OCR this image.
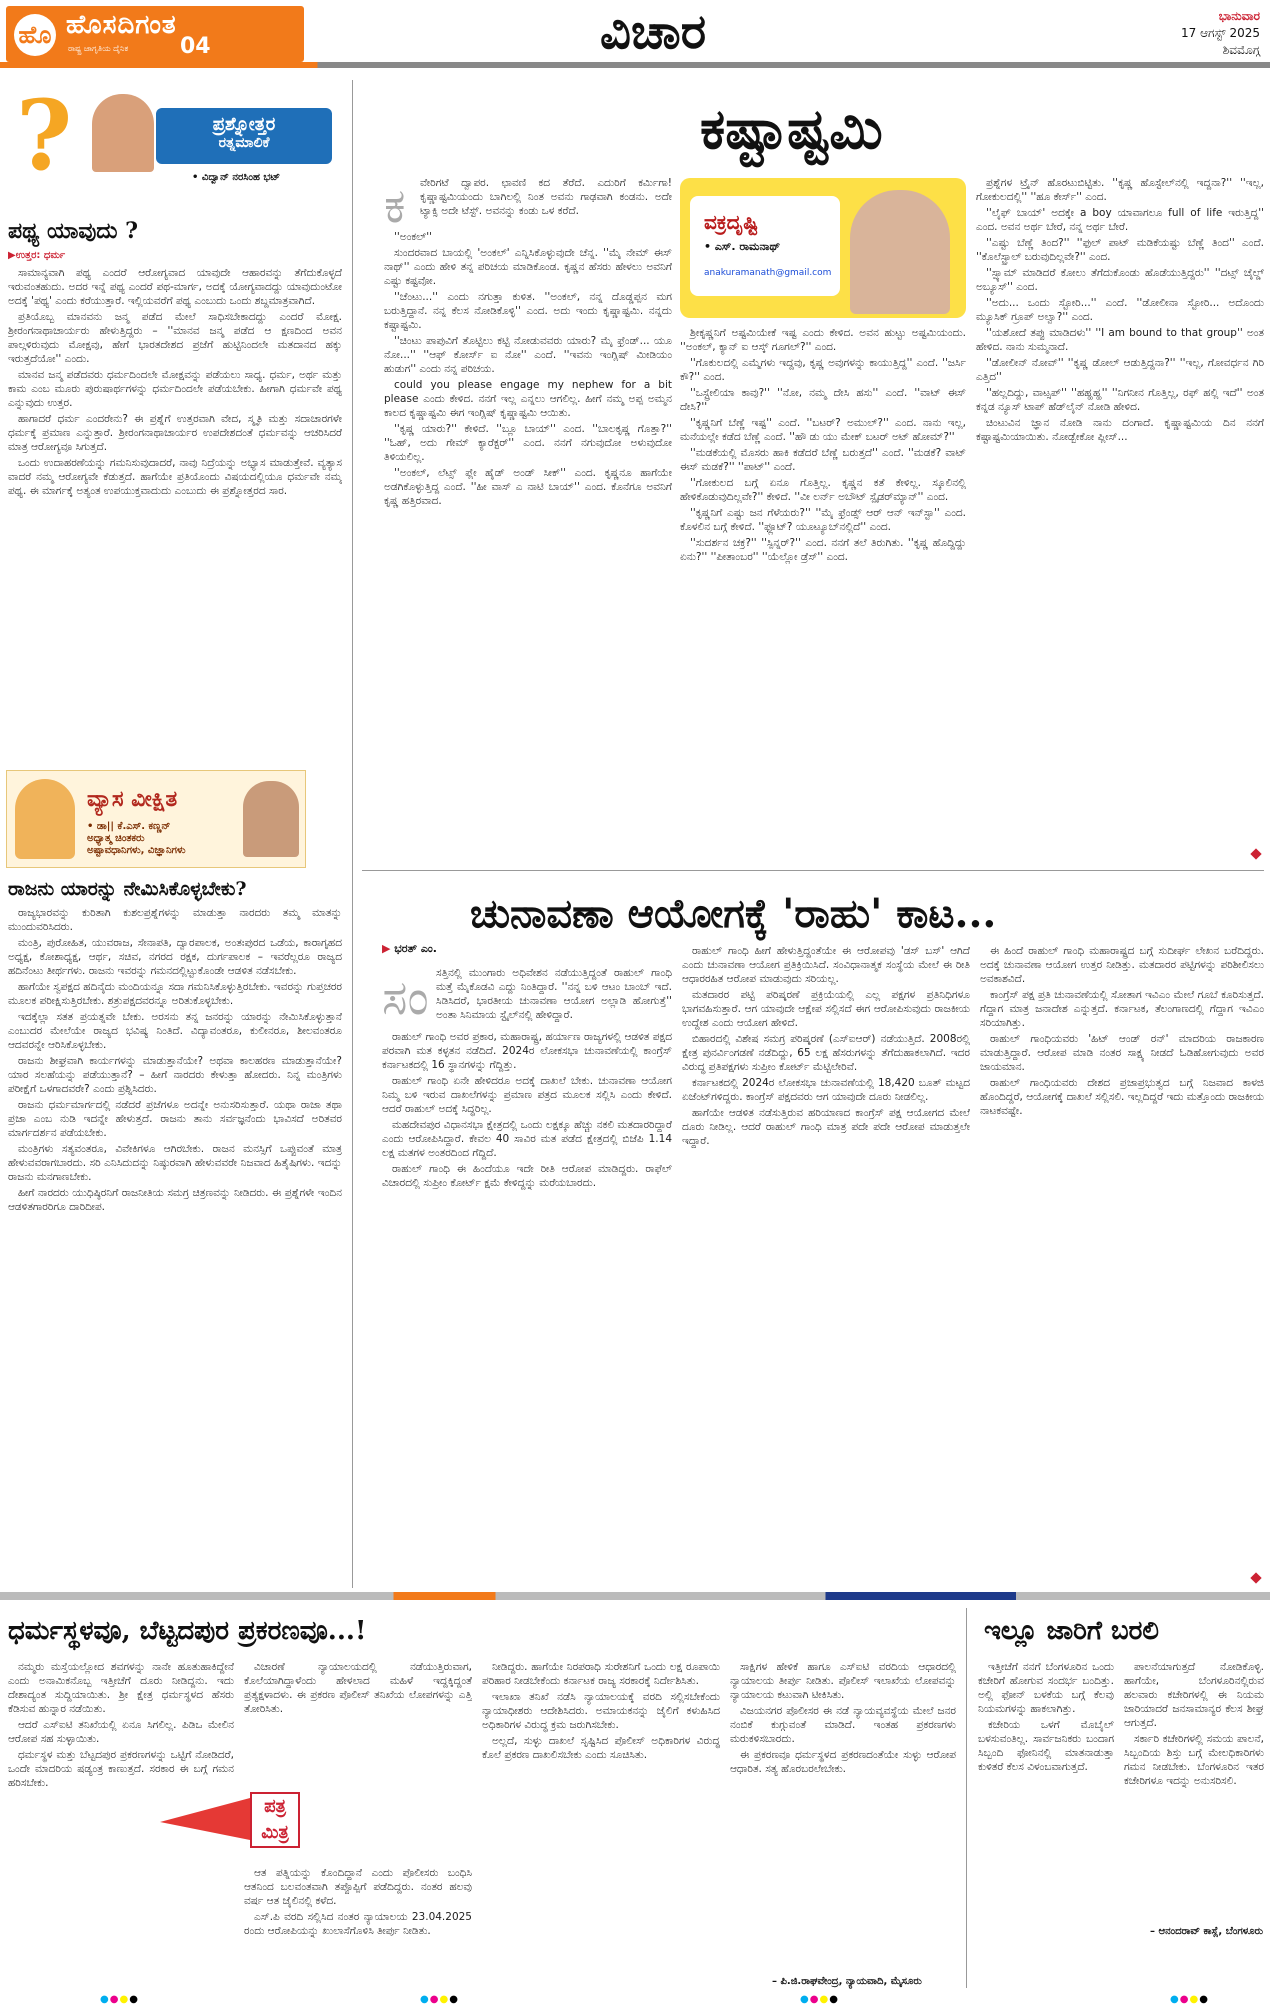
ಹೊ ಹೊಸದಿಗಂತ
ರಾಷ್ಟ್ರ ಜಾಗೃತಿಯ ದೈನಿಕ 04	ವಿಚಾರ	ಭಾನುವಾರ
17 ಆಗಸ್ಟ್ 2025
ಶಿವಮೊಗ್ಗ
?	ಪ್ರಶ್ನೋತ್ತರ
ರತ್ನಮಾಲಿಕೆ
• ವಿದ್ವಾನ್ ನರಸಿಂಹ ಭಟ್
ಪಥ್ಯ ಯಾವುದು ?
▶ಉತ್ತರ: ಧರ್ಮ

ಸಾಮಾನ್ಯವಾಗಿ ಪಥ್ಯ ಎಂದರೆ ಆರೋಗ್ಯವಾದ ಯಾವುದೇ ಆಹಾರವನ್ನು ತೆಗೆದುಕೊಳ್ಳದೆ ಇರುವಂತಹುದು. ಅದರ ಇನ್ನೆ ಪಥ್ಯ ಎಂದರೆ ಪಥ-ಮಾರ್ಗ, ಅದಕ್ಕೆ ಯೋಗ್ಯವಾದದ್ದು ಯಾವುದುಂಟೋ ಅದಕ್ಕೆ 'ಪಥ್ಯ' ಎಂದು ಕರೆಯುತ್ತಾರೆ. ಇಲ್ಲಿಯವರೆಗೆ ಪಥ್ಯ ಎಂಬುದು ಒಂದು ಶಬ್ದಮಾತ್ರವಾಗಿದೆ.

ಪ್ರತಿಯೊಬ್ಬ ಮಾನವನು ಜನ್ಮ ಪಡೆದ ಮೇಲೆ ಸಾಧಿಸಬೇಕಾದದ್ದು ಎಂದರೆ ಮೋಕ್ಷ. ಶ್ರೀರಂಗನಾಥಾಚಾರ್ಯರು ಹೇಳುತ್ತಿದ್ದರು – ''ಮಾನವ ಜನ್ಮ ಪಡೆದ ಆ ಕ್ಷಣದಿಂದ ಅವನ ಪಾಲ್ಗಳಿರುವುದು ಮೋಕ್ಷವು, ಹೇಗೆ ಭಾರತದೇಶದ ಪ್ರಜೆಗೆ ಹುಟ್ಟಿನಿಂದಲೇ ಮತದಾನದ ಹಕ್ಕು ಇರುತ್ತದೆಯೋ'' ಎಂದು.

ಮಾನವ ಜನ್ಮ ಪಡೆದವರು ಧರ್ಮದಿಂದಲೇ ಮೋಕ್ಷವನ್ನು ಪಡೆಯಲು ಸಾಧ್ಯ. ಧರ್ಮ, ಅರ್ಥ ಮತ್ತು ಕಾಮ ಎಂಬ ಮೂರು ಪುರುಷಾರ್ಥಗಳನ್ನು ಧರ್ಮದಿಂದಲೇ ಪಡೆಯಬೇಕು. ಹೀಗಾಗಿ ಧರ್ಮವೇ ಪಥ್ಯ ಎನ್ನುವುದು ಉತ್ತರ.

ಹಾಗಾದರೆ ಧರ್ಮ ಎಂದರೇನು? ಈ ಪ್ರಶ್ನೆಗೆ ಉತ್ತರವಾಗಿ ವೇದ, ಸ್ಮೃತಿ ಮತ್ತು ಸದಾಚಾರಗಳೇ ಧರ್ಮಕ್ಕೆ ಪ್ರಮಾಣ ಎನ್ನುತ್ತಾರೆ. ಶ್ರೀರಂಗನಾಥಾಚಾರ್ಯರ ಉಪದೇಶದಂತೆ ಧರ್ಮವನ್ನು ಆಚರಿಸಿದರೆ ಮಾತ್ರ ಆರೋಗ್ಯವೂ ಸಿಗುತ್ತದೆ.

ಒಂದು ಉದಾಹರಣೆಯನ್ನು ಗಮನಿಸುವುದಾದರೆ, ನಾವು ನಿದ್ರೆಯನ್ನು ಅಭ್ಯಾಸ ಮಾಡುತ್ತೇವೆ. ವ್ಯತ್ಯಾಸ ವಾದರೆ ನಮ್ಮ ಆರೋಗ್ಯವೇ ಕೆಡುತ್ತದೆ. ಹಾಗೆಯೇ ಪ್ರತಿಯೊಂದು ವಿಷಯದಲ್ಲಿಯೂ ಧರ್ಮವೇ ನಮ್ಮ ಪಥ್ಯ. ಈ ಮಾರ್ಗಕ್ಕೆ ಅತ್ಯಂತ ಉಪಯುಕ್ತವಾದುದು ಎಂಬುದು ಈ ಪ್ರಶ್ನೋತ್ತರದ ಸಾರ.

ವ್ಯಾಸ ವೀಕ್ಷಿತ
• ಡಾ|| ಕೆ.ಎಸ್. ಕಣ್ಣನ್
ಅಧ್ಯಾತ್ಮ ಚಿಂತಕರು
ಅಷ್ಟಾವಧಾನಿಗಳು, ವಿಜ್ಞಾನಿಗಳು
ರಾಜನು ಯಾರನ್ನು ನೇಮಿಸಿಕೊಳ್ಳಬೇಕು?

ರಾಜ್ಯಭಾರವನ್ನು ಕುರಿತಾಗಿ ಕುಶಲಪ್ರಶ್ನೆಗಳನ್ನು ಮಾಡುತ್ತಾ ನಾರದರು ತಮ್ಮ ಮಾತನ್ನು ಮುಂದುವರಿಸಿದರು.

ಮಂತ್ರಿ, ಪುರೋಹಿತ, ಯುವರಾಜ, ಸೇನಾಪತಿ, ದ್ವಾರಪಾಲಕ, ಅಂತಃಪುರದ ಒಡೆಯ, ಕಾರಾಗೃಹದ ಅಧ್ಯಕ್ಷ, ಕೋಶಾಧ್ಯಕ್ಷ, ಆರ್ಥ, ಸಚಿವ, ನಗರದ ರಕ್ಷಕ, ದುರ್ಗಪಾಲಕ – ಇವರೆಲ್ಲರೂ ರಾಜ್ಯದ ಹದಿನೆಂಟು ತೀರ್ಥಗಳು. ರಾಜನು ಇವರನ್ನು ಗಮನದಲ್ಲಿಟ್ಟುಕೊಂಡೇ ಆಡಳಿತ ನಡೆಸಬೇಕು.

ಹಾಗೆಯೇ ಸ್ವಪಕ್ಷದ ಹದಿನೈದು ಮಂದಿಯನ್ನೂ ಸದಾ ಗಮನಿಸಿಕೊಳ್ಳುತ್ತಿರಬೇಕು. ಇವರನ್ನು ಗುಪ್ತಚರರ ಮೂಲಕ ಪರೀಕ್ಷಿಸುತ್ತಿರಬೇಕು. ಶತ್ರುಪಕ್ಷದವರನ್ನೂ ಅರಿತುಕೊಳ್ಳಬೇಕು.

ಇದಕ್ಕೆಲ್ಲಾ ಸತತ ಪ್ರಯತ್ನವೇ ಬೇಕು. ಅರಸನು ತನ್ನ ಜನರನ್ನು ಯಾರನ್ನು ನೇಮಿಸಿಕೊಳ್ಳುತ್ತಾನೆ ಎಂಬುದರ ಮೇಲೆಯೇ ರಾಜ್ಯದ ಭವಿಷ್ಯ ನಿಂತಿದೆ. ವಿದ್ಯಾವಂತರೂ, ಕುಲೀನರೂ, ಶೀಲವಂತರೂ ಆದವರನ್ನೇ ಆರಿಸಿಕೊಳ್ಳಬೇಕು.

ರಾಜನು ಶೀಘ್ರವಾಗಿ ಕಾರ್ಯಗಳನ್ನು ಮಾಡುತ್ತಾನೆಯೇ? ಅಥವಾ ಕಾಲಹರಣ ಮಾಡುತ್ತಾನೆಯೇ? ಯಾರ ಸಲಹೆಯನ್ನು ಪಡೆಯುತ್ತಾನೆ? – ಹೀಗೆ ನಾರದರು ಕೇಳುತ್ತಾ ಹೋದರು. ನಿನ್ನ ಮಂತ್ರಿಗಳು ಪರೀಕ್ಷೆಗೆ ಒಳಗಾದವರೇ? ಎಂದು ಪ್ರಶ್ನಿಸಿದರು.

ರಾಜನು ಧರ್ಮಮಾರ್ಗದಲ್ಲಿ ನಡೆದರೆ ಪ್ರಜೆಗಳೂ ಅದನ್ನೇ ಅನುಸರಿಸುತ್ತಾರೆ. ಯಥಾ ರಾಜಾ ತಥಾ ಪ್ರಜಾ ಎಂಬ ನುಡಿ ಇದನ್ನೇ ಹೇಳುತ್ತದೆ. ರಾಜನು ತಾನು ಸರ್ವಜ್ಞನೆಂದು ಭಾವಿಸದೆ ಅರಿತವರ ಮಾರ್ಗದರ್ಶನ ಪಡೆಯಬೇಕು.

ಮಂತ್ರಿಗಳು ಸತ್ಯವಂತರೂ, ವಿವೇಕಿಗಳೂ ಆಗಿರಬೇಕು. ರಾಜನ ಮನಸ್ಸಿಗೆ ಒಪ್ಪುವಂತೆ ಮಾತ್ರ ಹೇಳುವವರಾಗಬಾರದು. ಸರಿ ಎನಿಸಿದುದನ್ನು ನಿಷ್ಠುರವಾಗಿ ಹೇಳುವವರೇ ನಿಜವಾದ ಹಿತೈಷಿಗಳು. ಇದನ್ನು ರಾಜನು ಮನಗಾಣಬೇಕು.

ಹೀಗೆ ನಾರದರು ಯುಧಿಷ್ಠಿರನಿಗೆ ರಾಜನೀತಿಯ ಸಮಗ್ರ ಚಿತ್ರಣವನ್ನು ನೀಡಿದರು. ಈ ಪ್ರಶ್ನೆಗಳೇ ಇಂದಿನ ಆಡಳಿತಗಾರರಿಗೂ ದಾರಿದೀಪ.

ಕಷ್ಟಾಷ್ಟಮಿ
ಕ ವೇರಿಗಟೆ ದ್ವಾಪರ. ಛಾವಣಿ ಕದ ತೆರೆದೆ. ಎದುರಿಗೆ ಕರ್ಮಿಗಾ! ಕೃಷ್ಣಾಷ್ಟಮಿಯಂದು ಬಾಗಿಲಲ್ಲಿ ನಿಂತ ಅವನು ಗಾಢವಾಗಿ ಕಂಡನು. ಅದೇ ಟ್ಯಾಕ್ಸಿ ಅದೇ ಟೆಸ್ಟ್. ಅವನನ್ನು ಕಂಡು ಒಳ ಕರೆದೆ.

''ಅಂಕಲ್''

ಸುಂದರವಾದ ಬಾಯಲ್ಲಿ 'ಅಂಕಲ್' ಎನ್ನಿಸಿಕೊಳ್ಳುವುದೇ ಚೆನ್ನ. ''ಮೈ ನೇಮ್ ಈಸ್ ನಾಥ್'' ಎಂದು ಹೇಳಿ ತನ್ನ ಪರಿಚಯ ಮಾಡಿಕೊಂಡ. ಕೃಷ್ಣನ ಹೆಸರು ಹೇಳಲು ಅವನಿಗೆ ಎಷ್ಟು ಕಷ್ಟವೋ.

''ಚೆಂಟು...'' ಎಂದು ನಗುತ್ತಾ ಕುಳಿತ. ''ಅಂಕಲ್, ನನ್ನ ದೊಡ್ಡಪ್ಪನ ಮಗ ಬರುತ್ತಿದ್ದಾನೆ. ನನ್ನ ಕೆಲಸ ನೋಡಿಕೊಳ್ಳಿ'' ಎಂದ. ಅದು ಇಂದು ಕೃಷ್ಣಾಷ್ಟಮಿ. ನನ್ನದು ಕಷ್ಟಾಷ್ಟಮಿ.

''ಚಿಂಟು ಪಾಪುವಿಗೆ ತೊಟ್ಟಿಲು ಕಟ್ಟಿ ನೋಡುವವರು ಯಾರು? ಮೈ ಫ್ರೆಂಡ್... ಯೂ ನೋ...'' ''ಆಫ್ ಕೋರ್ಸ್ ಐ ನೋ'' ಎಂದೆ. ''ಇವನು ಇಂಗ್ಲಿಷ್ ಮೀಡಿಯಂ ಹುಡುಗ'' ಎಂದು ನನ್ನ ಪರಿಚಯ.

could you please engage my nephew for a bit please ಎಂದು ಕೇಳಿದ. ನನಗೆ ಇಲ್ಲ ಎನ್ನಲು ಆಗಲಿಲ್ಲ. ಹೀಗೆ ನಮ್ಮ ಅಪ್ಪ ಅಮ್ಮನ ಕಾಲದ ಕೃಷ್ಣಾಷ್ಟಮಿ ಈಗ ಇಂಗ್ಲಿಷ್ ಕೃಷ್ಣಾಷ್ಟಮಿ ಆಯಿತು.

''ಕೃಷ್ಣ ಯಾರು?'' ಕೇಳಿದೆ. ''ಬ್ಲೂ ಬಾಯ್'' ಎಂದ. ''ಬಾಲಕೃಷ್ಣ ಗೊತ್ತಾ?'' ''ಓಹ್, ಅದು ಗೇಮ್ ಕ್ಯಾರೆಕ್ಟರ್'' ಎಂದ. ನನಗೆ ನಗುವುದೋ ಅಳುವುದೋ ತಿಳಿಯಲಿಲ್ಲ.

''ಅಂಕಲ್, ಲೆಟ್ಸ್ ಪ್ಲೇ ಹೈಡ್ ಅಂಡ್ ಸೀಕ್'' ಎಂದ. ಕೃಷ್ಣನೂ ಹಾಗೆಯೇ ಅಡಗಿಕೊಳ್ಳುತ್ತಿದ್ದ ಎಂದೆ. ''ಹೀ ವಾಸ್ ಎ ನಾಟಿ ಬಾಯ್'' ಎಂದ. ಕೊನೆಗೂ ಅವನಿಗೆ ಕೃಷ್ಣ ಹತ್ತಿರವಾದ.

ವಕ್ರದೃಷ್ಟಿ
• ಎಸ್. ರಾಮನಾಥ್
anakuramanath@gmail.com

ಶ್ರೀಕೃಷ್ಣನಿಗೆ ಅಷ್ಟಮಿಯೇಕೆ ಇಷ್ಟ ಎಂದು ಕೇಳಿದ. ಅವನ ಹುಟ್ಟು ಅಷ್ಟಮಿಯಂದು. ''ಅಂಕಲ್, ಕ್ಯಾನ್ ಐ ಆಸ್ಕ್ ಗೂಗಲ್?'' ಎಂದ.

''ಗೊಕುಲದಲ್ಲಿ ಎಮ್ಮೆಗಳು ಇದ್ದವು, ಕೃಷ್ಣ ಅವುಗಳನ್ನು ಕಾಯುತ್ತಿದ್ದ'' ಎಂದೆ. ''ಜರ್ಸಿ ಕೌ?'' ಎಂದ.

''ಒಸ್ಟ್ರೇಲಿಯಾ ಕಾವು?'' ''ನೋ, ನಮ್ಮ ದೇಸಿ ಹಸು'' ಎಂದೆ. ''ವಾಟ್ ಈಸ್ ದೇಸಿ?''

''ಕೃಷ್ಣನಿಗೆ ಬೆಣ್ಣೆ ಇಷ್ಟ'' ಎಂದೆ. ''ಬಟರ್? ಅಮುಲ್?'' ಎಂದ. ನಾನು ಇಲ್ಲ, ಮನೆಯಲ್ಲೇ ಕಡೆದ ಬೆಣ್ಣೆ ಎಂದೆ. ''ಹೌ ಡು ಯು ಮೇಕ್ ಬಟರ್ ಅಟ್ ಹೋಮ್?''

''ಮಡಕೆಯಲ್ಲಿ ಮೊಸರು ಹಾಕಿ ಕಡೆದರೆ ಬೆಣ್ಣೆ ಬರುತ್ತದೆ'' ಎಂದೆ. ''ಮಡಕೆ? ವಾಟ್ ಈಸ್ ಮಡಕೆ?'' ''ಪಾಟ್'' ಎಂದೆ.

''ಗೋಕುಲದ ಬಗ್ಗೆ ಏನೂ ಗೊತ್ತಿಲ್ಲ. ಕೃಷ್ಣನ ಕತೆ ಕೇಳಿಲ್ಲ. ಸ್ಕೂಲಿನಲ್ಲಿ ಹೇಳಿಕೊಡುವುದಿಲ್ಲವೇ?'' ಕೇಳಿದೆ. ''ವೀ ಲರ್ನ್ ಅಬೌಟ್ ಸ್ಪೈಡರ್‌ಮ್ಯಾನ್'' ಎಂದ.

''ಕೃಷ್ಣನಿಗೆ ಎಷ್ಟು ಜನ ಗೆಳೆಯರು?'' ''ಮೈ ಫ್ರೆಂಡ್ಸ್ ಆರ್ ಆನ್ ಇನ್‌ಸ್ಟಾ'' ಎಂದ. ಕೊಳಲಿನ ಬಗ್ಗೆ ಕೇಳಿದೆ. ''ಫ್ಲೂಟ್? ಯೂಟ್ಯೂಬ್‌ನಲ್ಲಿದೆ'' ಎಂದ.

''ಸುದರ್ಶನ ಚಕ್ರ?'' ''ಸ್ಪಿನ್ನರ್?'' ಎಂದ. ನನಗೆ ತಲೆ ತಿರುಗಿತು. ''ಕೃಷ್ಣ ಹೊದ್ದಿದ್ದು ಏನು?'' ''ಪೀತಾಂಬರ'' ''ಯೆಲ್ಲೋ ಡ್ರೆಸ್'' ಎಂದ.

ಪ್ರಶ್ನೆಗಳ ಟ್ರೈನ್ ಹೊರಟುಬಿಟ್ಟಿತು. ''ಕೃಷ್ಣ ಹೊಸ್ಟೇಲ್‌ನಲ್ಲಿ ಇದ್ದನಾ?'' ''ಇಲ್ಲ, ಗೋಕುಲದಲ್ಲಿ'' ''ಹೂ ಕೇರ್ಸ್'' ಎಂದ.

''ಲೈಫ್ ಬಾಯ್' ಅದಕ್ಕೇ a boy ಯಾವಾಗಲೂ full of life ಇರುತ್ತಿದ್ದ'' ಎಂದ. ಅವನ ಅರ್ಥ ಬೇರೆ, ನನ್ನ ಅರ್ಥ ಬೇರೆ.

''ಎಷ್ಟು ಬೆಣ್ಣೆ ತಿಂದ?'' ''ಫುಲ್ ಪಾಟ್ ಮಡಿಕೆಯಷ್ಟು ಬೆಣ್ಣೆ ತಿಂದ'' ಎಂದೆ. ''ಕೊಲೆಸ್ಟ್ರಾಲ್ ಬರುವುದಿಲ್ಲವೇ?'' ಎಂದ.

''ಸ್ಪ್ಯಾಮ್ ಮಾಡಿದರೆ ಕೋಲು ತೆಗೆದುಕೊಂಡು ಹೊಡೆಯುತ್ತಿದ್ದರು'' ''ದಟ್ಸ್ ಚೈಲ್ಡ್ ಅಬ್ಯೂಸ್'' ಎಂದ.

''ಅದು... ಒಂದು ಸ್ಟೋರಿ...'' ಎಂದೆ. ''ಡೋಲೀನಾ ಸ್ಟೋರಿ... ಅದೊಂದು ಮ್ಯೂಸಿಕ್ ಗ್ರೂಪ್ ಅಲ್ವಾ?'' ಎಂದ.

''ಯಶೋದೆ ತಪ್ಪು ಮಾಡಿದಳು'' ''I am bound to that group'' ಅಂತ ಹೇಳಿದ. ನಾನು ಸುಮ್ಮನಾದೆ.

''ಡೋಲೀನ್ ನೋವ್'' ''ಕೃಷ್ಣ ಡೋಲ್ ಆಡುತ್ತಿದ್ದನಾ?'' ''ಇಲ್ಲ, ಗೋವರ್ಧನ ಗಿರಿ ಎತ್ತಿದ''

''ಹಲ್ಲದಿದ್ದು, ವಾಟ್ಸಪ್'' ''ಹಹ್ಹಹ್ಹ'' ''ನಿಗನೀನ ಗೊತ್ತಿಲ್ಲ, ರಫ್ ಹಲ್ಲಿ ಇದೆ'' ಅಂತ ಕನ್ನಡ ನ್ಯೂಸ್ ಟಾಪ್ ಹೆಡ್‌ಲೈನ್ ನೋಡಿ ಹೇಳಿದ.

ಚಿಂಟುವಿನ ಜ್ಞಾನ ನೋಡಿ ನಾನು ದಂಗಾದೆ. ಕೃಷ್ಣಾಷ್ಟಮಿಯ ದಿನ ನನಗೆ ಕಷ್ಟಾಷ್ಟಮಿಯಾಯಿತು. ನೋಡ್ಬೇಕೋ ಪ್ಲೀಸ್...

ಚುನಾವಣಾ ಆಯೋಗಕ್ಕೆ 'ರಾಹು' ಕಾಟ...
▶ ಭರತ್ ಎಂ.
ಸಂ ಸತ್ತಿನಲ್ಲಿ ಮುಂಗಾರು ಅಧಿವೇಶನ ನಡೆಯುತ್ತಿದ್ದಂತೆ ರಾಹುಲ್ ಗಾಂಧಿ ಮತ್ತೆ ಮೈಕೊಡವಿ ಎದ್ದು ನಿಂತಿದ್ದಾರೆ. ''ನನ್ನ ಬಳಿ ಆಟಂ ಬಾಂಬ್ ಇದೆ. ಸಿಡಿಸಿದರೆ, ಭಾರತೀಯ ಚುನಾವಣಾ ಆಯೋಗ ಅಲ್ಲಾಡಿ ಹೋಗುತ್ತೆ'' ಅಂತಾ ಸಿನಿಮಾಯ ಸ್ಟೈಲ್‌ನಲ್ಲಿ ಹೇಳಿದ್ದಾರೆ.

ರಾಹುಲ್ ಗಾಂಧಿ ಅವರ ಪ್ರಕಾರ, ಮಹಾರಾಷ್ಟ್ರ, ಹರ್ಯಾಣ ರಾಜ್ಯಗಳಲ್ಲಿ ಆಡಳಿತ ಪಕ್ಷದ ಪರವಾಗಿ ಮತ ಕಳ್ಳತನ ನಡೆದಿದೆ. 2024ರ ಲೋಕಸಭಾ ಚುನಾವಣೆಯಲ್ಲಿ ಕಾಂಗ್ರೆಸ್ ಕರ್ನಾಟಕದಲ್ಲಿ 16 ಸ್ಥಾನಗಳನ್ನು ಗೆದ್ದಿತ್ತು.

ರಾಹುಲ್ ಗಾಂಧಿ ಏನೇ ಹೇಳಿದರೂ ಅದಕ್ಕೆ ದಾಖಲೆ ಬೇಕು. ಚುನಾವಣಾ ಆಯೋಗ ನಿಮ್ಮ ಬಳಿ ಇರುವ ದಾಖಲೆಗಳನ್ನು ಪ್ರಮಾಣ ಪತ್ರದ ಮೂಲಕ ಸಲ್ಲಿಸಿ ಎಂದು ಕೇಳಿದೆ. ಆದರೆ ರಾಹುಲ್ ಅದಕ್ಕೆ ಸಿದ್ಧರಿಲ್ಲ.

ಮಹದೇವಪುರ ವಿಧಾನಸಭಾ ಕ್ಷೇತ್ರದಲ್ಲಿ ಒಂದು ಲಕ್ಷಕ್ಕೂ ಹೆಚ್ಚು ನಕಲಿ ಮತದಾರರಿದ್ದಾರೆ ಎಂದು ಆರೋಪಿಸಿದ್ದಾರೆ. ಕೇವಲ 40 ಸಾವಿರ ಮತ ಪಡೆದ ಕ್ಷೇತ್ರದಲ್ಲಿ ಬಿಜೆಪಿ 1.14 ಲಕ್ಷ ಮತಗಳ ಅಂತರದಿಂದ ಗೆದ್ದಿದೆ.

ರಾಹುಲ್ ಗಾಂಧಿ ಈ ಹಿಂದೆಯೂ ಇದೇ ರೀತಿ ಆರೋಪ ಮಾಡಿದ್ದರು. ರಾಫೆಲ್ ವಿಚಾರದಲ್ಲಿ ಸುಪ್ರೀಂ ಕೋರ್ಟ್ ಕ್ಷಮೆ ಕೇಳಿದ್ದನ್ನು ಮರೆಯಬಾರದು.

ರಾಹುಲ್ ಗಾಂಧಿ ಹೀಗೆ ಹೇಳುತ್ತಿದ್ದಂತೆಯೇ ಈ ಆರೋಪವು 'ಡಸ್ ಬಸ್' ಆಗಿದೆ ಎಂದು ಚುನಾವಣಾ ಆಯೋಗ ಪ್ರತಿಕ್ರಿಯಿಸಿದೆ. ಸಂವಿಧಾನಾತ್ಮಕ ಸಂಸ್ಥೆಯ ಮೇಲೆ ಈ ರೀತಿ ಆಧಾರರಹಿತ ಆರೋಪ ಮಾಡುವುದು ಸರಿಯಲ್ಲ.

ಮತದಾರರ ಪಟ್ಟಿ ಪರಿಷ್ಕರಣೆ ಪ್ರಕ್ರಿಯೆಯಲ್ಲಿ ಎಲ್ಲ ಪಕ್ಷಗಳ ಪ್ರತಿನಿಧಿಗಳೂ ಭಾಗವಹಿಸುತ್ತಾರೆ. ಆಗ ಯಾವುದೇ ಆಕ್ಷೇಪ ಸಲ್ಲಿಸದೆ ಈಗ ಆರೋಪಿಸುವುದು ರಾಜಕೀಯ ಉದ್ದೇಶ ಎಂದು ಆಯೋಗ ಹೇಳಿದೆ.

ಬಿಹಾರದಲ್ಲಿ ವಿಶೇಷ ಸಮಗ್ರ ಪರಿಷ್ಕರಣೆ (ಎಸ್‌ಐಆರ್) ನಡೆಯುತ್ತಿದೆ. 2008ರಲ್ಲಿ ಕ್ಷೇತ್ರ ಪುನರ್ವಿಂಗಡಣೆ ನಡೆದಿದ್ದು, 65 ಲಕ್ಷ ಹೆಸರುಗಳನ್ನು ತೆಗೆದುಹಾಕಲಾಗಿದೆ. ಇದರ ವಿರುದ್ಧ ಪ್ರತಿಪಕ್ಷಗಳು ಸುಪ್ರೀಂ ಕೋರ್ಟ್ ಮೆಟ್ಟಿಲೇರಿವೆ.

ಕರ್ನಾಟಕದಲ್ಲಿ 2024ರ ಲೋಕಸಭಾ ಚುನಾವಣೆಯಲ್ಲಿ 18,420 ಬೂತ್ ಮಟ್ಟದ ಏಜೆಂಟ್‌ಗಳಿದ್ದರು. ಕಾಂಗ್ರೆಸ್ ಪಕ್ಷದವರು ಆಗ ಯಾವುದೇ ದೂರು ನೀಡಲಿಲ್ಲ.

ಹಾಗೆಯೇ ಆಡಳಿತ ನಡೆಸುತ್ತಿರುವ ಹರಿಯಾಣದ ಕಾಂಗ್ರೆಸ್ ಪಕ್ಷ ಆಯೋಗದ ಮೇಲೆ ದೂರು ನೀಡಿಲ್ಲ. ಆದರೆ ರಾಹುಲ್ ಗಾಂಧಿ ಮಾತ್ರ ಪದೇ ಪದೇ ಆರೋಪ ಮಾಡುತ್ತಲೇ ಇದ್ದಾರೆ.

ಈ ಹಿಂದೆ ರಾಹುಲ್ ಗಾಂಧಿ ಮಹಾರಾಷ್ಟ್ರದ ಬಗ್ಗೆ ಸುದೀರ್ಘ ಲೇಖನ ಬರೆದಿದ್ದರು. ಅದಕ್ಕೆ ಚುನಾವಣಾ ಆಯೋಗ ಉತ್ತರ ನೀಡಿತ್ತು. ಮತದಾರರ ಪಟ್ಟಿಗಳನ್ನು ಪರಿಶೀಲಿಸಲು ಅವಕಾಶವಿದೆ.

ಕಾಂಗ್ರೆಸ್ ಪಕ್ಷ ಪ್ರತಿ ಚುನಾವಣೆಯಲ್ಲಿ ಸೋತಾಗ ಇವಿಎಂ ಮೇಲೆ ಗೂಬೆ ಕೂರಿಸುತ್ತದೆ. ಗೆದ್ದಾಗ ಮಾತ್ರ ಜನಾದೇಶ ಎನ್ನುತ್ತದೆ. ಕರ್ನಾಟಕ, ತೆಲಂಗಾಣದಲ್ಲಿ ಗೆದ್ದಾಗ ಇವಿಎಂ ಸರಿಯಾಗಿತ್ತು.

ರಾಹುಲ್ ಗಾಂಧಿಯವರು 'ಹಿಟ್ ಆಂಡ್ ರನ್' ಮಾದರಿಯ ರಾಜಕಾರಣ ಮಾಡುತ್ತಿದ್ದಾರೆ. ಆರೋಪ ಮಾಡಿ ನಂತರ ಸಾಕ್ಷ್ಯ ನೀಡದೆ ಓಡಿಹೋಗುವುದು ಅವರ ಜಾಯಮಾನ.

ರಾಹುಲ್ ಗಾಂಧಿಯವರು ದೇಶದ ಪ್ರಜಾಪ್ರಭುತ್ವದ ಬಗ್ಗೆ ನಿಜವಾದ ಕಾಳಜಿ ಹೊಂದಿದ್ದರೆ, ಆಯೋಗಕ್ಕೆ ದಾಖಲೆ ಸಲ್ಲಿಸಲಿ. ಇಲ್ಲದಿದ್ದರೆ ಇದು ಮತ್ತೊಂದು ರಾಜಕೀಯ ನಾಟಕವಷ್ಟೇ.

ಧರ್ಮಸ್ಥಳವೂ, ಬೆಟ್ಟದಪುರ ಪ್ರಕರಣವೂ...!

ನಮ್ಮರು ಮಸ್ತೆಯಲ್ಲೋದ ಶವಗಳನ್ನು ನಾನೇ ಹೂತುಹಾಕಿದ್ದೇನೆ ಎಂದು ಅನಾಮಿಕನೊಬ್ಬ ಇತ್ತೀಚೆಗೆ ದೂರು ನೀಡಿದ್ದನು. ಇದು ದೇಶಾದ್ಯಂತ ಸುದ್ದಿಯಾಯಿತು. ಶ್ರೀ ಕ್ಷೇತ್ರ ಧರ್ಮಸ್ಥಳದ ಹೆಸರು ಕೆಡಿಸುವ ಹುನ್ನಾರ ನಡೆಯಿತು.

ಆದರೆ ಎಸ್‌ಐಟಿ ತನಿಖೆಯಲ್ಲಿ ಏನೂ ಸಿಗಲಿಲ್ಲ. ಪಿಡಿಒ ಮೇಲಿನ ಆರೋಪ ಸಹ ಸುಳ್ಳಾಯಿತು.

ಧರ್ಮಸ್ಥಳ ಮತ್ತು ಬೆಟ್ಟದಪುರ ಪ್ರಕರಣಗಳನ್ನು ಒಟ್ಟಿಗೆ ನೋಡಿದರೆ, ಒಂದೇ ಮಾದರಿಯ ಷಡ್ಯಂತ್ರ ಕಾಣುತ್ತದೆ. ಸರಕಾರ ಈ ಬಗ್ಗೆ ಗಮನ ಹರಿಸಬೇಕು.

ಪತ್ರ ಮಿತ್ರ

ವಿಚಾರಣೆ ನ್ಯಾಯಾಲಯದಲ್ಲಿ ನಡೆಯುತ್ತಿರುವಾಗ, ಕೊಲೆಯಾಗಿದ್ದಾಳೆಂದು ಹೇಳಲಾದ ಮಹಿಳೆ ಇದ್ದಕ್ಕಿದ್ದಂತೆ ಪ್ರತ್ಯಕ್ಷಳಾದಳು. ಈ ಪ್ರಕರಣ ಪೊಲೀಸ್ ತನಿಖೆಯ ಲೋಪಗಳನ್ನು ಎತ್ತಿ ತೋರಿಸಿತು.

ಆತ ಪತ್ನಿಯನ್ನು ಕೊಂದಿದ್ದಾನೆ ಎಂದು ಪೊಲೀಸರು ಬಂಧಿಸಿ ಆತನಿಂದ ಬಲವಂತವಾಗಿ ತಪ್ಪೊಪ್ಪಿಗೆ ಪಡೆದಿದ್ದರು. ನಂತರ ಹಲವು ವರ್ಷ ಆತ ಜೈಲಿನಲ್ಲಿ ಕಳೆದ.

ಎಸ್.ಪಿ ವರದಿ ಸಲ್ಲಿಸಿದ ನಂತರ ನ್ಯಾಯಾಲಯ 23.04.2025 ರಂದು ಆರೋಪಿಯನ್ನು ಖುಲಾಸೆಗೊಳಿಸಿ ತೀರ್ಪು ನೀಡಿತು.

ನೀಡಿದ್ದರು. ಹಾಗೆಯೇ ನಿರಪರಾಧಿ ಸುರೇಶನಿಗೆ ಒಂದು ಲಕ್ಷ ರೂಪಾಯಿ ಪರಿಹಾರ ನೀಡಬೇಕೆಂದು ಕರ್ನಾಟಕ ರಾಜ್ಯ ಸರಕಾರಕ್ಕೆ ನಿರ್ದೇಶಿಸಿತು.

ಇಲಾಖಾ ತನಿಖೆ ನಡೆಸಿ ನ್ಯಾಯಾಲಯಕ್ಕೆ ವರದಿ ಸಲ್ಲಿಸಬೇಕೆಂದು ನ್ಯಾಯಾಧೀಶರು ಆದೇಶಿಸಿದರು. ಅಮಾಯಕನನ್ನು ಜೈಲಿಗೆ ಕಳುಹಿಸಿದ ಅಧಿಕಾರಿಗಳ ವಿರುದ್ಧ ಕ್ರಮ ಜರುಗಿಸಬೇಕು.

ಅಲ್ಲದೆ, ಸುಳ್ಳು ದಾಖಲೆ ಸೃಷ್ಟಿಸಿದ ಪೊಲೀಸ್ ಅಧಿಕಾರಿಗಳ ವಿರುದ್ಧ ಕೊಲೆ ಪ್ರಕರಣ ದಾಖಲಿಸಬೇಕು ಎಂದು ಸೂಚಿಸಿತು.

ಸಾಕ್ಷಿಗಳ ಹೇಳಿಕೆ ಹಾಗೂ ಎಸ್‌ಐಟಿ ವರದಿಯ ಆಧಾರದಲ್ಲಿ ನ್ಯಾಯಾಲಯ ತೀರ್ಪು ನೀಡಿತು. ಪೊಲೀಸ್ ಇಲಾಖೆಯ ಲೋಪವನ್ನು ನ್ಯಾಯಾಲಯ ಕಟುವಾಗಿ ಟೀಕಿಸಿತು.

ವಿಜಯನಗರ ಪೊಲೀಸರ ಈ ನಡೆ ನ್ಯಾಯವ್ಯವಸ್ಥೆಯ ಮೇಲೆ ಜನರ ನಂಬಿಕೆ ಕುಗ್ಗುವಂತೆ ಮಾಡಿದೆ. ಇಂತಹ ಪ್ರಕರಣಗಳು ಮರುಕಳಿಸಬಾರದು.

ಈ ಪ್ರಕರಣವೂ ಧರ್ಮಸ್ಥಳದ ಪ್ರಕರಣದಂತೆಯೇ ಸುಳ್ಳು ಆರೋಪ ಆಧಾರಿತ. ಸತ್ಯ ಹೊರಬರಲೇಬೇಕು.

– ಪಿ.ಜಿ.ರಾಘವೇಂದ್ರ, ನ್ಯಾಯವಾದಿ, ಮೈಸೂರು
ಇಲ್ಲೂ ಜಾರಿಗೆ ಬರಲಿ

ಇತ್ತೀಚೆಗೆ ನನಗೆ ಬೆಂಗಳೂರಿನ ಒಂದು ಕಚೇರಿಗೆ ಹೋಗುವ ಸಂದರ್ಭ ಬಂದಿತ್ತು. ಅಲ್ಲಿ ಫೋನ್ ಬಳಕೆಯ ಬಗ್ಗೆ ಕೆಲವು ನಿಯಮಗಳನ್ನು ಹಾಕಲಾಗಿತ್ತು.

ಕಚೇರಿಯ ಒಳಗೆ ಮೊಬೈಲ್ ಬಳಸುವಂತಿಲ್ಲ. ಸಾರ್ವಜನಿಕರು ಬಂದಾಗ ಸಿಬ್ಬಂದಿ ಫೋನಿನಲ್ಲಿ ಮಾತನಾಡುತ್ತಾ ಕುಳಿತರೆ ಕೆಲಸ ವಿಳಂಬವಾಗುತ್ತದೆ.

ಪಾಲನೆಯಾಗುತ್ತದೆ ನೋಡಿಕೊಳ್ಳಿ. ಹಾಗೆಯೇ, ಬೆಂಗಳೂರಿನಲ್ಲಿರುವ ಹಲವಾರು ಕಚೇರಿಗಳಲ್ಲಿ ಈ ನಿಯಮ ಜಾರಿಯಾದರೆ ಜನಸಾಮಾನ್ಯರ ಕೆಲಸ ಶೀಘ್ರ ಆಗುತ್ತದೆ.

ಸರ್ಕಾರಿ ಕಚೇರಿಗಳಲ್ಲಿ ಸಮಯ ಪಾಲನೆ, ಸಿಬ್ಬಂದಿಯ ಶಿಸ್ತು ಬಗ್ಗೆ ಮೇಲಧಿಕಾರಿಗಳು ಗಮನ ನೀಡಬೇಕು. ಬೆಂಗಳೂರಿನ ಇತರ ಕಚೇರಿಗಳೂ ಇದನ್ನು ಅನುಸರಿಸಲಿ.

– ಆನಂದರಾವ್ ಕಾಸ್ಲೆ, ಬೆಂಗಳೂರು
●●●●	●●●●	●●●●	●●●●
